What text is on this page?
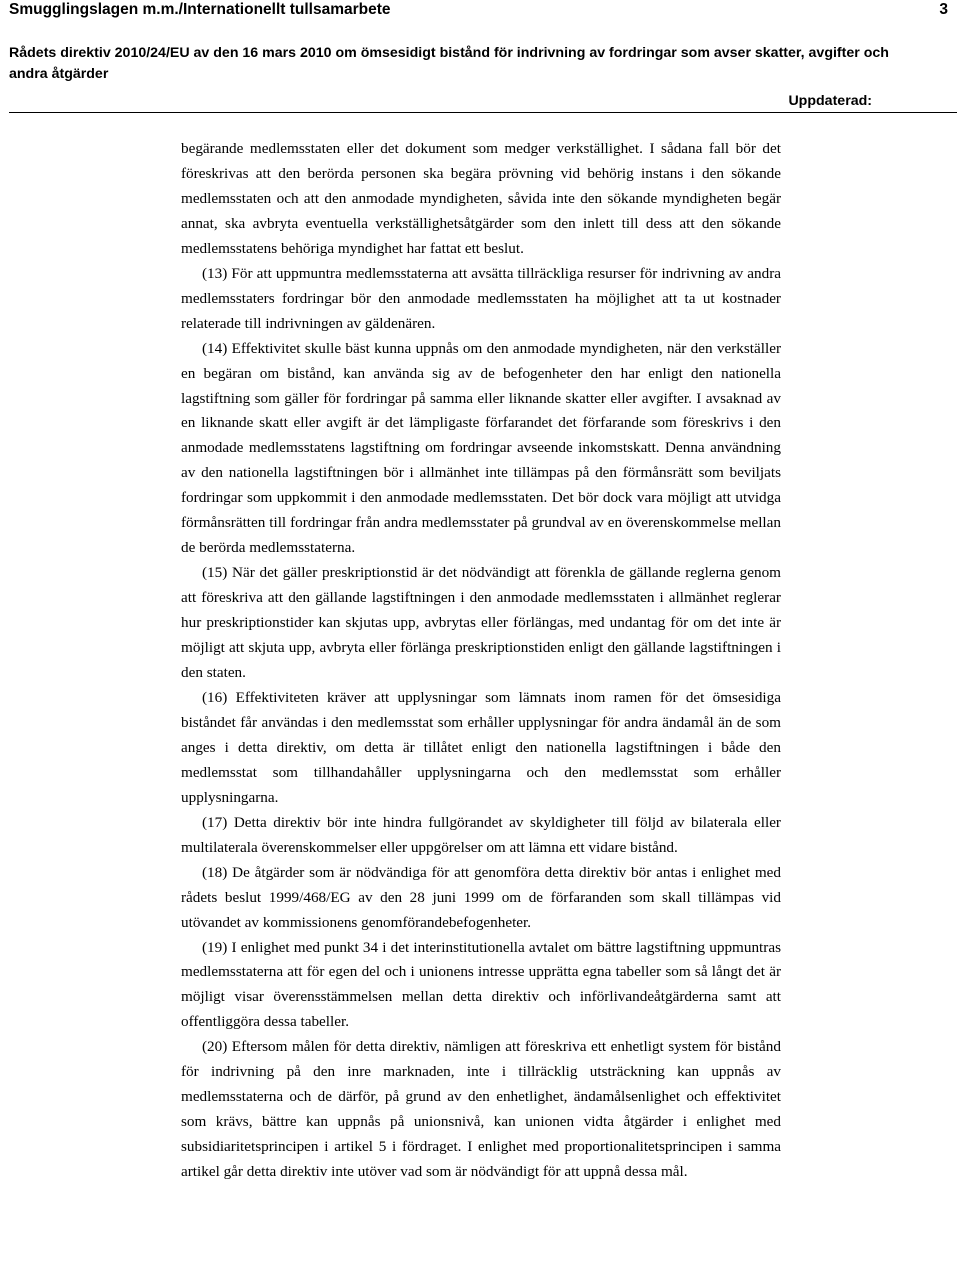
Smugglingslagen m.m./Internationellt tullsamarbete	3
Rådets direktiv 2010/24/EU av den 16 mars 2010 om ömsesidigt bistånd för indrivning av fordringar som avser skatter, avgifter och andra åtgärder
Uppdaterad:

begärande medlemsstaten eller det dokument som medger verkställighet. I sådana fall bör det föreskrivas att den berörda personen ska begära prövning vid behörig instans i den sökande medlemsstaten och att den anmodade myndigheten, såvida inte den sökande myndigheten begär annat, ska avbryta eventuella verkställighetsåtgärder som den inlett till dess att den sökande medlemsstatens behöriga myndighet har fattat ett beslut.

(13) För att uppmuntra medlemsstaterna att avsätta tillräckliga resurser för indrivning av andra medlemsstaters fordringar bör den anmodade medlemsstaten ha möjlighet att ta ut kostnader relaterade till indrivningen av gäldenären.

(14) Effektivitet skulle bäst kunna uppnås om den anmodade myndigheten, när den verkställer en begäran om bistånd, kan använda sig av de befogenheter den har enligt den nationella lagstiftning som gäller för fordringar på samma eller liknande skatter eller avgifter. I avsaknad av en liknande skatt eller avgift är det lämpligaste förfarandet det förfarande som föreskrivs i den anmodade medlemsstatens lagstiftning om fordringar avseende inkomstskatt. Denna användning av den nationella lagstiftningen bör i allmänhet inte tillämpas på den förmånsrätt som beviljats fordringar som uppkommit i den anmodade medlemsstaten. Det bör dock vara möjligt att utvidga förmånsrätten till fordringar från andra medlemsstater på grundval av en överenskommelse mellan de berörda medlemsstaterna.

(15) När det gäller preskriptionstid är det nödvändigt att förenkla de gällande reglerna genom att föreskriva att den gällande lagstiftningen i den anmodade medlemsstaten i allmänhet reglerar hur preskriptionstider kan skjutas upp, avbrytas eller förlängas, med undantag för om det inte är möjligt att skjuta upp, avbryta eller förlänga preskriptionstiden enligt den gällande lagstiftningen i den staten.

(16) Effektiviteten kräver att upplysningar som lämnats inom ramen för det ömsesidiga biståndet får användas i den medlemsstat som erhåller upplysningar för andra ändamål än de som anges i detta direktiv, om detta är tillåtet enligt den nationella lagstiftningen i både den medlemsstat som tillhandahåller upplysningarna och den medlemsstat som erhåller upplysningarna.

(17) Detta direktiv bör inte hindra fullgörandet av skyldigheter till följd av bilaterala eller multilaterala överenskommelser eller uppgörelser om att lämna ett vidare bistånd.

(18) De åtgärder som är nödvändiga för att genomföra detta direktiv bör antas i enlighet med rådets beslut 1999/468/EG av den 28 juni 1999 om de förfaranden som skall tillämpas vid utövandet av kommissionens genomförandebefogenheter.

(19) I enlighet med punkt 34 i det interinstitutionella avtalet om bättre lagstiftning uppmuntras medlemsstaterna att för egen del och i unionens intresse upprätta egna tabeller som så långt det är möjligt visar överensstämmelsen mellan detta direktiv och införlivandeåtgärderna samt att offentliggöra dessa tabeller.

(20) Eftersom målen för detta direktiv, nämligen att föreskriva ett enhetligt system för bistånd för indrivning på den inre marknaden, inte i tillräcklig utsträckning kan uppnås av medlemsstaterna och de därför, på grund av den enhetlighet, ändamålsenlighet och effektivitet som krävs, bättre kan uppnås på unionsnivå, kan unionen vidta åtgärder i enlighet med subsidiaritetsprincipen i artikel 5 i fördraget. I enlighet med proportionalitetsprincipen i samma artikel går detta direktiv inte utöver vad som är nödvändigt för att uppnå dessa mål.
